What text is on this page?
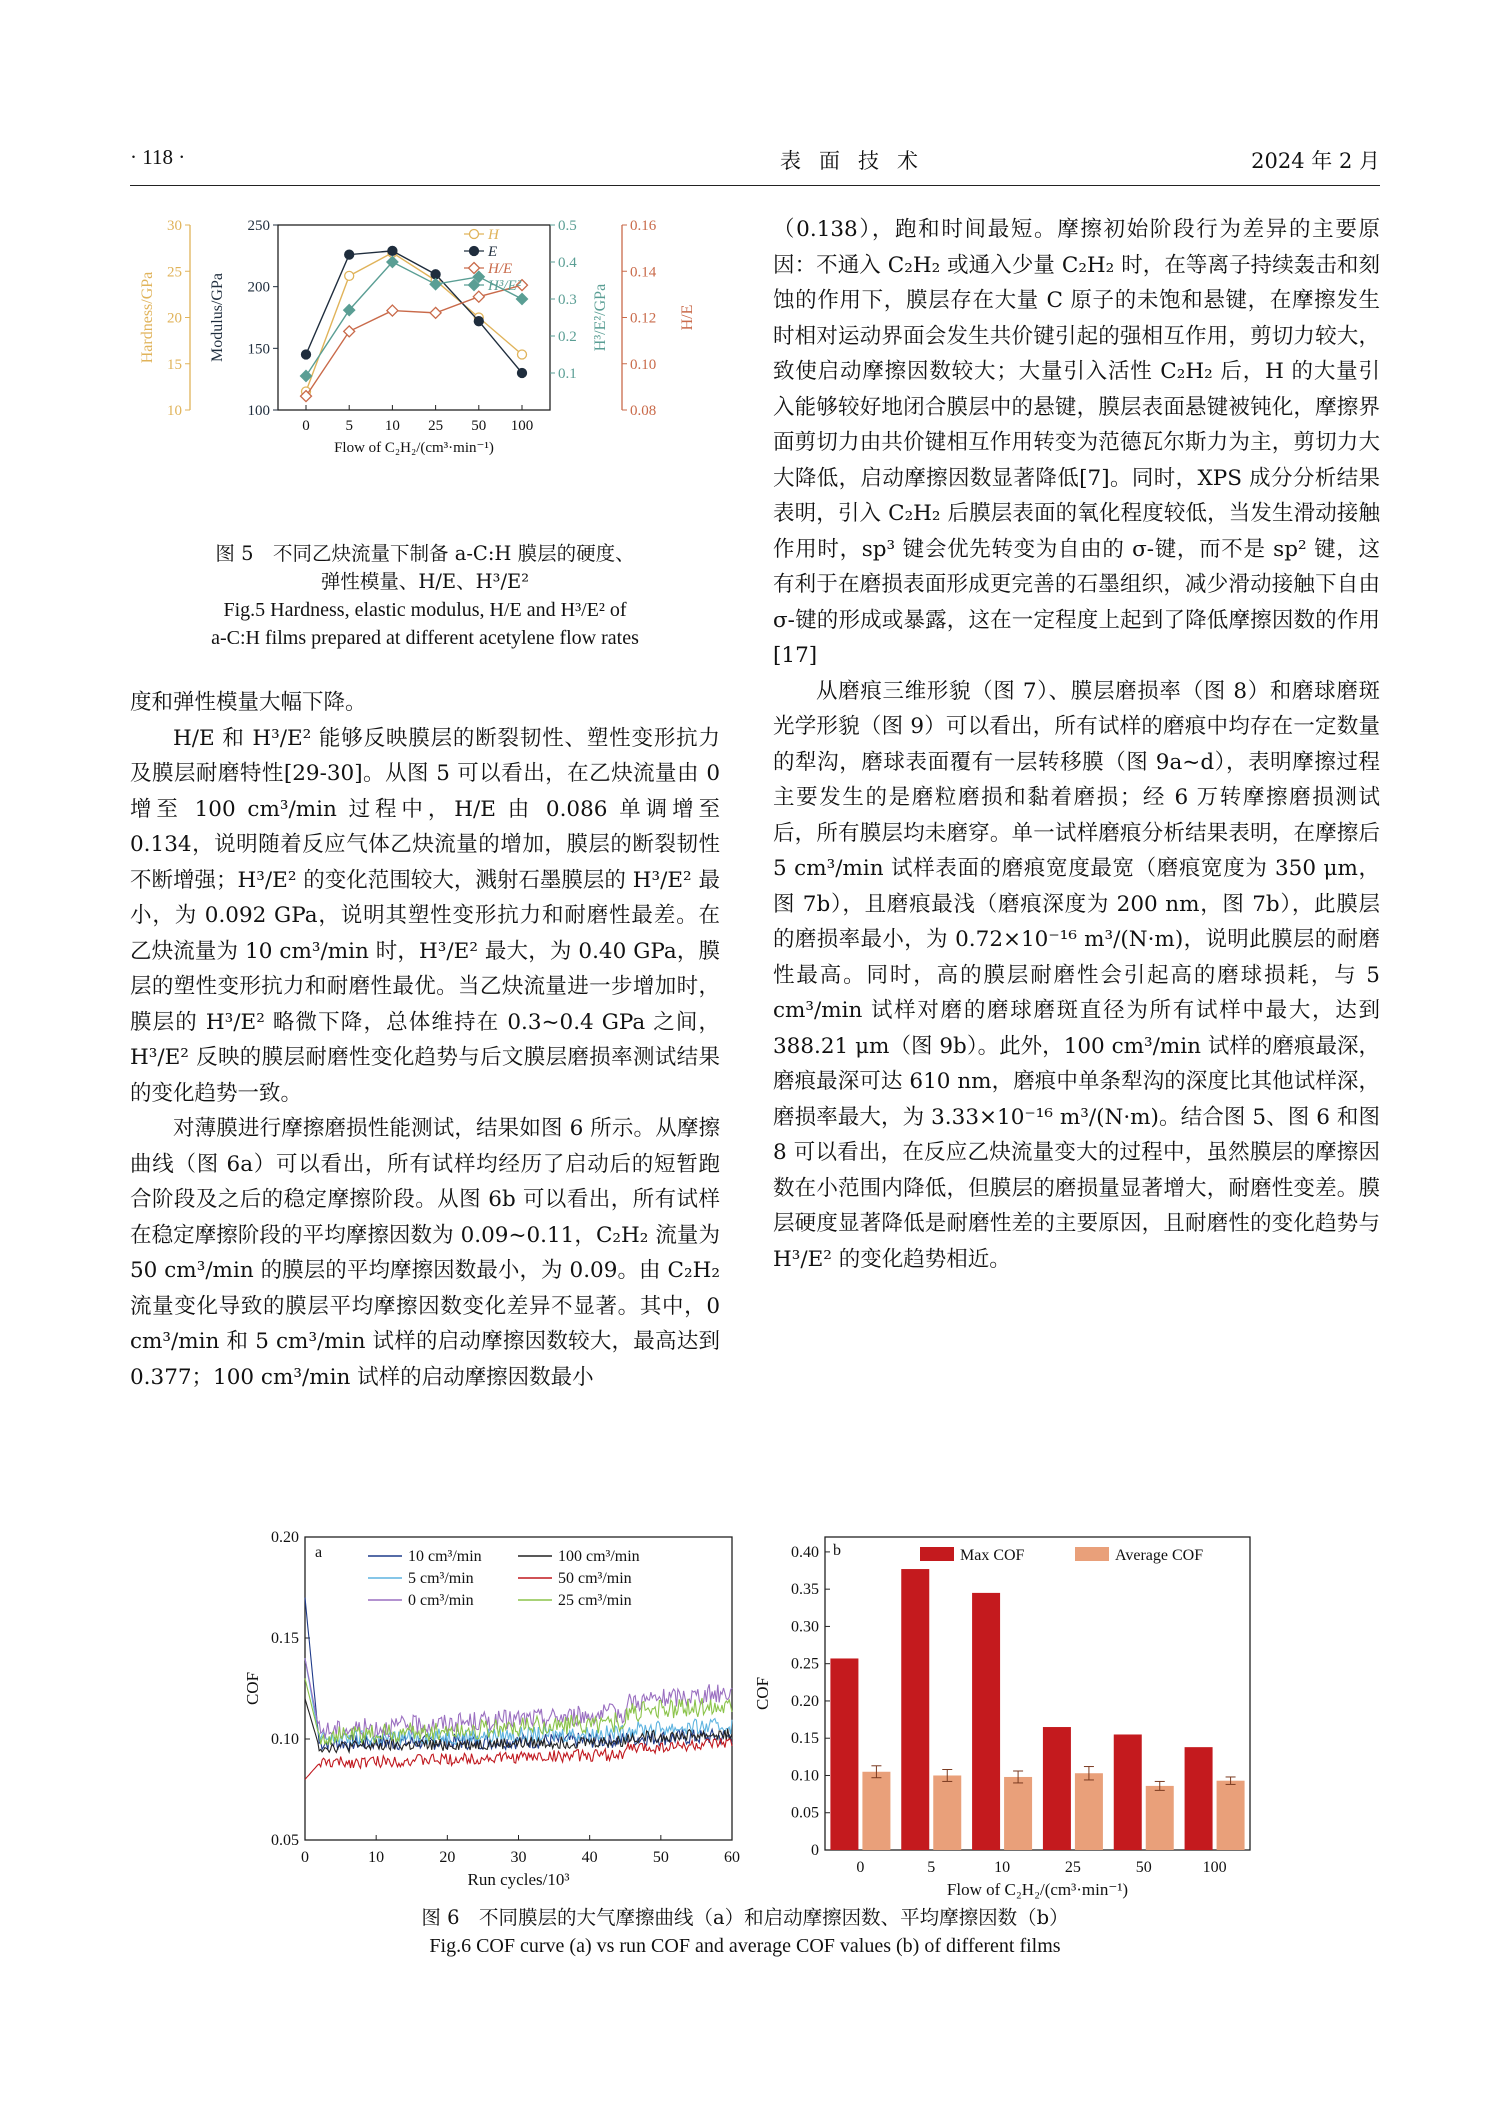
· 118 ·	表面技术	2024 年 2 月
0 5 10 25 50 100
Flow of C₂H₂/(cm³·min⁻¹)
10
15
20
25
30
Hardness/GPa
100
150
200
250
Modulus/GPa
0.1
0.2
0.3
0.4
0.5
H³/E²/GPa
0.08
0.10
0.12
0.14
0.16
H/E
H
E
H/E
H³/E²
图 5　不同乙炔流量下制备 a-C:H 膜层的硬度、
弹性模量、H/E、H³/E²
Fig.5 Hardness, elastic modulus, H/E and H³/E² of
a-C:H films prepared at different acetylene flow rates

度和弹性模量大幅下降。

H/E 和 H³/E² 能够反映膜层的断裂韧性、塑性变形抗力及膜层耐磨特性[29-30]。从图 5 可以看出，在乙炔流量由 0 增至 100 cm³/min 过程中，H/E 由 0.086 单调增至 0.134，说明随着反应气体乙炔流量的增加，膜层的断裂韧性不断增强；H³/E² 的变化范围较大，溅射石墨膜层的 H³/E² 最小，为 0.092 GPa，说明其塑性变形抗力和耐磨性最差。在乙炔流量为 10 cm³/min 时，H³/E² 最大，为 0.40 GPa，膜层的塑性变形抗力和耐磨性最优。当乙炔流量进一步增加时，膜层的 H³/E² 略微下降，总体维持在 0.3~0.4 GPa 之间，H³/E² 反映的膜层耐磨性变化趋势与后文膜层磨损率测试结果的变化趋势一致。

对薄膜进行摩擦磨损性能测试，结果如图 6 所示。从摩擦曲线（图 6a）可以看出，所有试样均经历了启动后的短暂跑合阶段及之后的稳定摩擦阶段。从图 6b 可以看出，所有试样在稳定摩擦阶段的平均摩擦因数为 0.09~0.11，C₂H₂ 流量为 50 cm³/min 的膜层的平均摩擦因数最小，为 0.09。由 C₂H₂ 流量变化导致的膜层平均摩擦因数变化差异不显著。其中，0 cm³/min 和 5 cm³/min 试样的启动摩擦因数较大，最高达到 0.377；100 cm³/min 试样的启动摩擦因数最小

（0.138），跑和时间最短。摩擦初始阶段行为差异的主要原因：不通入 C₂H₂ 或通入少量 C₂H₂ 时，在等离子持续轰击和刻蚀的作用下，膜层存在大量 C 原子的未饱和悬键，在摩擦发生时相对运动界面会发生共价键引起的强相互作用，剪切力较大，致使启动摩擦因数较大；大量引入活性 C₂H₂ 后，H 的大量引入能够较好地闭合膜层中的悬键，膜层表面悬键被钝化，摩擦界面剪切力由共价键相互作用转变为范德瓦尔斯力为主，剪切力大大降低，启动摩擦因数显著降低[7]。同时，XPS 成分分析结果表明，引入 C₂H₂ 后膜层表面的氧化程度较低，当发生滑动接触作用时，sp³ 键会优先转变为自由的 σ-键，而不是 sp² 键，这有利于在磨损表面形成更完善的石墨组织，减少滑动接触下自由 σ-键的形成或暴露，这在一定程度上起到了降低摩擦因数的作用[17]

从磨痕三维形貌（图 7）、膜层磨损率（图 8）和磨球磨斑光学形貌（图 9）可以看出，所有试样的磨痕中均存在一定数量的犁沟，磨球表面覆有一层转移膜（图 9a~d），表明摩擦过程主要发生的是磨粒磨损和黏着磨损；经 6 万转摩擦磨损测试后，所有膜层均未磨穿。单一试样磨痕分析结果表明，在摩擦后 5 cm³/min 试样表面的磨痕宽度最宽（磨痕宽度为 350 μm，图 7b），且磨痕最浅（磨痕深度为 200 nm，图 7b），此膜层的磨损率最小，为 0.72×10⁻¹⁶ m³/(N·m)，说明此膜层的耐磨性最高。同时，高的膜层耐磨性会引起高的磨球损耗，与 5 cm³/min 试样对磨的磨球磨斑直径为所有试样中最大，达到 388.21 μm（图 9b）。此外，100 cm³/min 试样的磨痕最深，磨痕最深可达 610 nm，磨痕中单条犁沟的深度比其他试样深，磨损率最大，为 3.33×10⁻¹⁶ m³/(N·m)。结合图 5、图 6 和图 8 可以看出，在反应乙炔流量变大的过程中，虽然膜层的摩擦因数在小范围内降低，但膜层的磨损量显著增大，耐磨性变差。膜层硬度显著降低是耐磨性差的主要原因，且耐磨性的变化趋势与 H³/E² 的变化趋势相近。

0	10	20	30	40	50	60
0.05
0.10
0.15
0.20
Run cycles/10³
COF
a	10 cm³/min
5 cm³/min
0 cm³/min
100 cm³/min
50 cm³/min
25 cm³/min
0
0.05
0.10
0.15
0.20
0.25
0.30
0.35
0.40
0	5	10	25	50	100
Flow of C₂H₂/(cm³·min⁻¹)
COF
b	Max COF	Average COF
图 6　不同膜层的大气摩擦曲线（a）和启动摩擦因数、平均摩擦因数（b）
Fig.6 COF curve (a) vs run COF and average COF values (b) of different films
